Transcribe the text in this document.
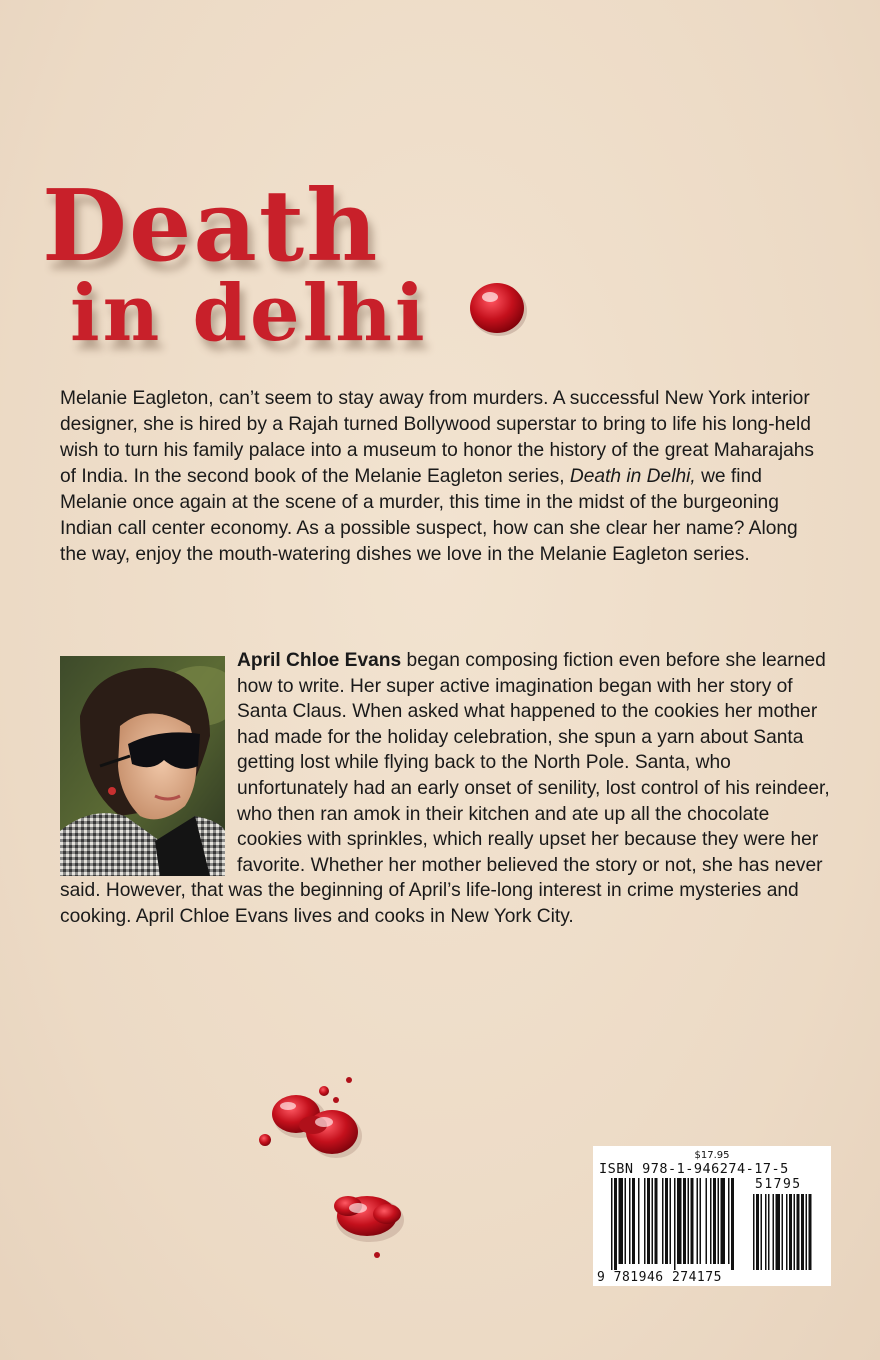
Death
in delhi

Melanie Eagleton, can’t seem to stay away from murders. A successful New York interior designer, she is hired by a Rajah turned Bollywood superstar to bring to life his long-held wish to turn his family palace into a museum to honor the history of the great Maharajahs of India. In the second book of the Melanie Eagleton series, Death in Delhi, we find Melanie once again at the scene of a murder, this time in the midst of the burgeoning Indian call center economy. As a possible suspect, how can she clear her name? Along the way, enjoy the mouth-watering dishes we love in the Melanie Eagleton series.

April Chloe Evans began composing fiction even before she learned how to write. Her super active imagination began with her story of Santa Claus. When asked what happened to the cookies her mother had made for the holiday celebration, she spun a yarn about Santa getting lost while flying back to the North Pole. Santa, who unfortunately had an early onset of senility, lost control of his reindeer, who then ran amok in their kitchen and ate up all the chocolate cookies with sprinkles, which really upset her because they were her favorite. Whether her mother believed the story or not, she has never said. However, that was the beginning of April’s life-long interest in crime mysteries and cooking. April Chloe Evans lives and cooks in New York City.

$17.95
ISBN 978-1-946274-17-5
51795
9 781946 274175
